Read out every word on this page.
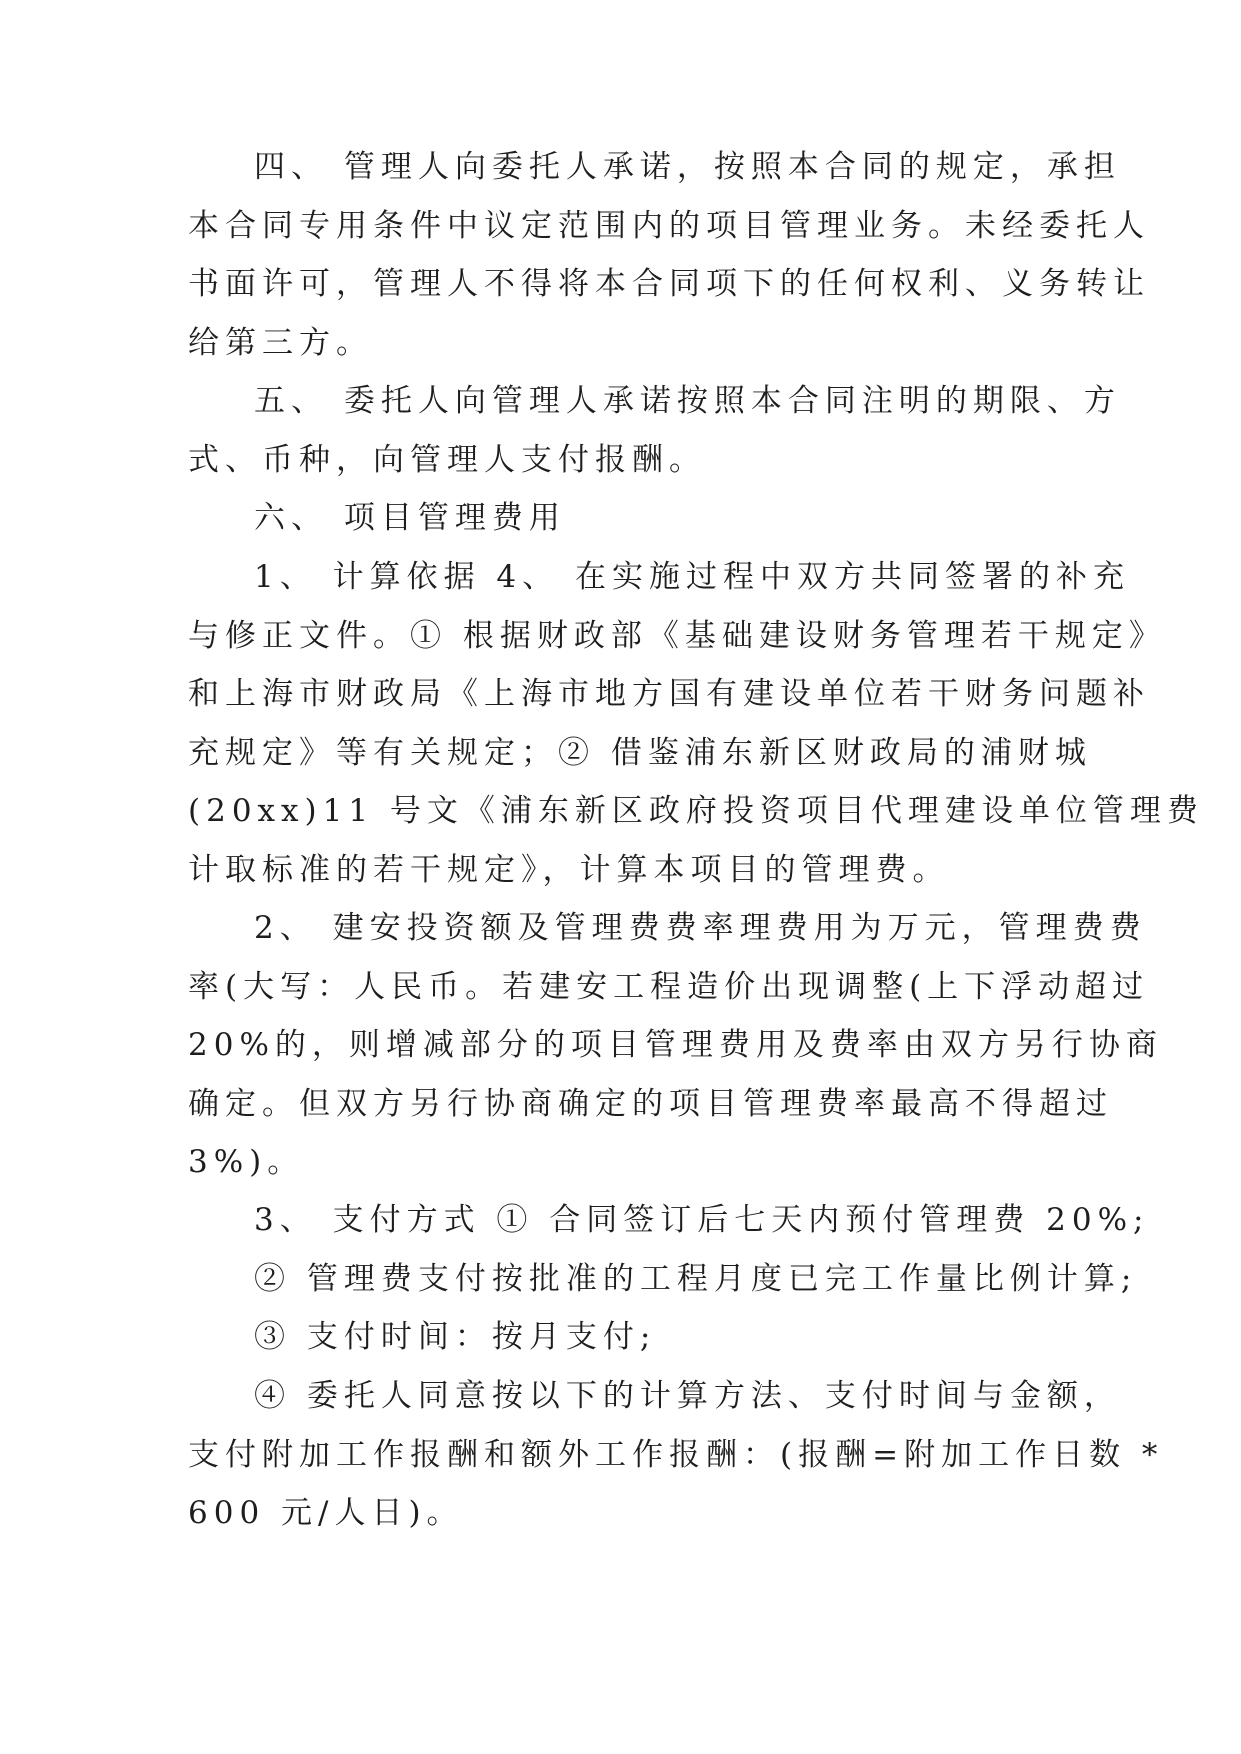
四、 管理人向委托人承诺，按照本合同的规定，承担
本合同专用条件中议定范围内的项目管理业务。未经委托人
书面许可，管理人不得将本合同项下的任何权利、义务转让
给第三方。
五、 委托人向管理人承诺按照本合同注明的期限、方
式、币种，向管理人支付报酬。
六、 项目管理费用
1、 计算依据 4、 在实施过程中双方共同签署的补充
与修正文件。① 根据财政部《基础建设财务管理若干规定》
和上海市财政局《上海市地方国有建设单位若干财务问题补
充规定》等有关规定；② 借鉴浦东新区财政局的浦财城
(20xx)11 号文《浦东新区政府投资项目代理建设单位管理费
计取标准的若干规定》，计算本项目的管理费。
2、 建安投资额及管理费费率理费用为万元，管理费费
率(大写：人民币。若建安工程造价出现调整(上下浮动超过
20%的，则增减部分的项目管理费用及费率由双方另行协商
确定。但双方另行协商确定的项目管理费率最高不得超过
3%)。
3、 支付方式 ① 合同签订后七天内预付管理费 20%;
② 管理费支付按批准的工程月度已完工作量比例计算;
③ 支付时间：按月支付;
④ 委托人同意按以下的计算方法、支付时间与金额，
支付附加工作报酬和额外工作报酬：(报酬=附加工作日数 *
600 元/人日)。
